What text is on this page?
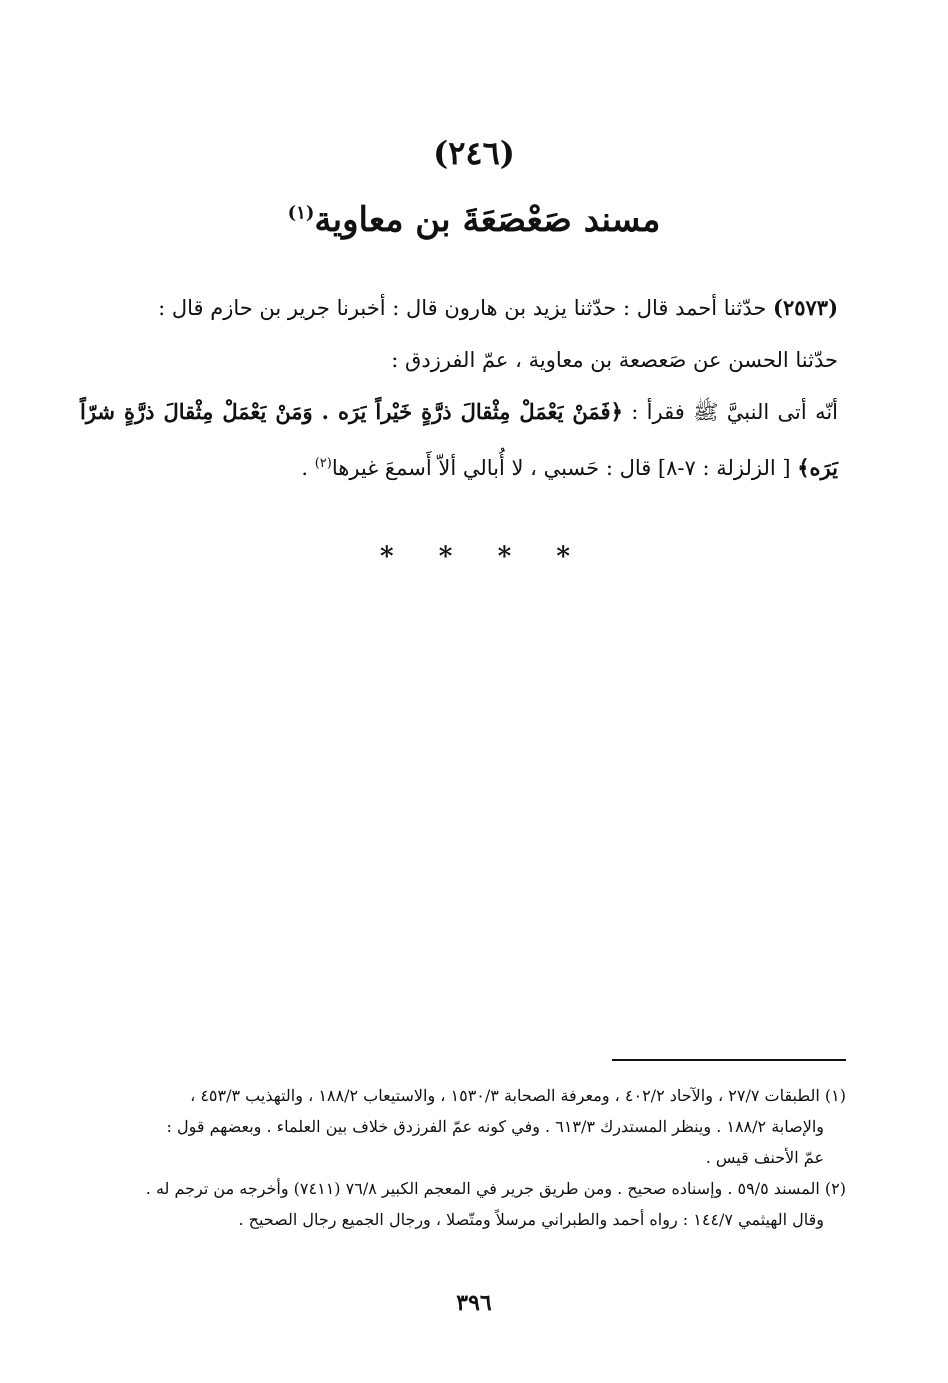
(٢٤٦)
مسند صَعْصَعَةَ بن معاوية$^{(١)}$

(٢٥٧٣) حدّثنا أحمد قال : حدّثنا يزيد بن هارون قال : أخبرنا جرير بن حازم قال :

حدّثنا الحسن عن صَعصعة بن معاوية ، عمّ الفرزدق :

أنّه أتى النبيَّ ﷺ فقرأ : ﴿فَمَنْ يَعْمَلْ مِثْقالَ ذرَّةٍ خَيْراً يَرَه . وَمَنْ يَعْمَلْ مِثْقالَ ذرَّةٍ شرّاً يَرَه﴾ [ الزلزلة : ٧-٨] قال : حَسبي ، لا أُبالي ألاّ أَسمعَ غيرها$^{(٢)}$ .

* * * *

(١) الطبقات ٢٧/٧ ، والآحاد ٤٠٢/٢ ، ومعرفة الصحابة ١٥٣٠/٣ ، والاستيعاب ١٨٨/٢ ، والتهذيب ٤٥٣/٣ ،

والإصابة ١٨٨/٢ . وينظر المستدرك ٦١٣/٣ . وفي كونه عمّ الفرزدق خلاف بين العلماء . وبعضهم قول :

عمّ الأحنف قيس .

(٢) المسند ٥٩/٥ . وإسناده صحيح . ومن طريق جرير في المعجم الكبير ٧٦/٨ (٧٤١١) وأخرجه من ترجم له .

وقال الهيثمي ١٤٤/٧ : رواه أحمد والطبراني مرسلاً ومتّصلا ، ورجال الجميع رجال الصحيح .

٣٩٦
